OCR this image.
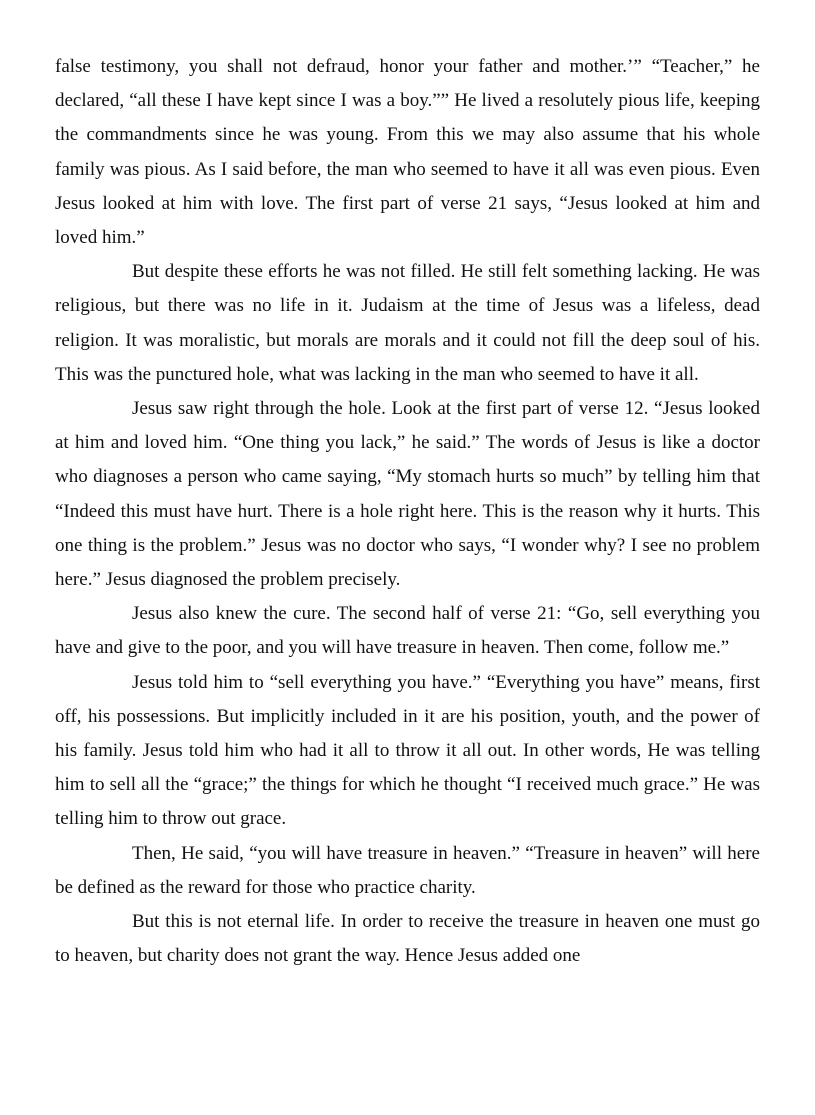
false testimony, you shall not defraud, honor your father and mother.’” “Teacher,” he declared, “all these I have kept since I was a boy.”” He lived a resolutely pious life, keeping the commandments since he was young. From this we may also assume that his whole family was pious. As I said before, the man who seemed to have it all was even pious. Even Jesus looked at him with love. The first part of verse 21 says, “Jesus looked at him and loved him.”

But despite these efforts he was not filled. He still felt something lacking. He was religious, but there was no life in it. Judaism at the time of Jesus was a lifeless, dead religion. It was moralistic, but morals are morals and it could not fill the deep soul of his. This was the punctured hole, what was lacking in the man who seemed to have it all.

Jesus saw right through the hole. Look at the first part of verse 12. “Jesus looked at him and loved him. “One thing you lack,” he said.” The words of Jesus is like a doctor who diagnoses a person who came saying, “My stomach hurts so much” by telling him that “Indeed this must have hurt. There is a hole right here. This is the reason why it hurts. This one thing is the problem.” Jesus was no doctor who says, “I wonder why? I see no problem here.” Jesus diagnosed the problem precisely.

Jesus also knew the cure. The second half of verse 21: “Go, sell everything you have and give to the poor, and you will have treasure in heaven. Then come, follow me.”

Jesus told him to “sell everything you have.” “Everything you have” means, first off, his possessions. But implicitly included in it are his position, youth, and the power of his family. Jesus told him who had it all to throw it all out. In other words, He was telling him to sell all the “grace;” the things for which he thought “I received much grace.” He was telling him to throw out grace.

Then, He said, “you will have treasure in heaven.” “Treasure in heaven” will here be defined as the reward for those who practice charity.

But this is not eternal life. In order to receive the treasure in heaven one must go to heaven, but charity does not grant the way. Hence Jesus added one
